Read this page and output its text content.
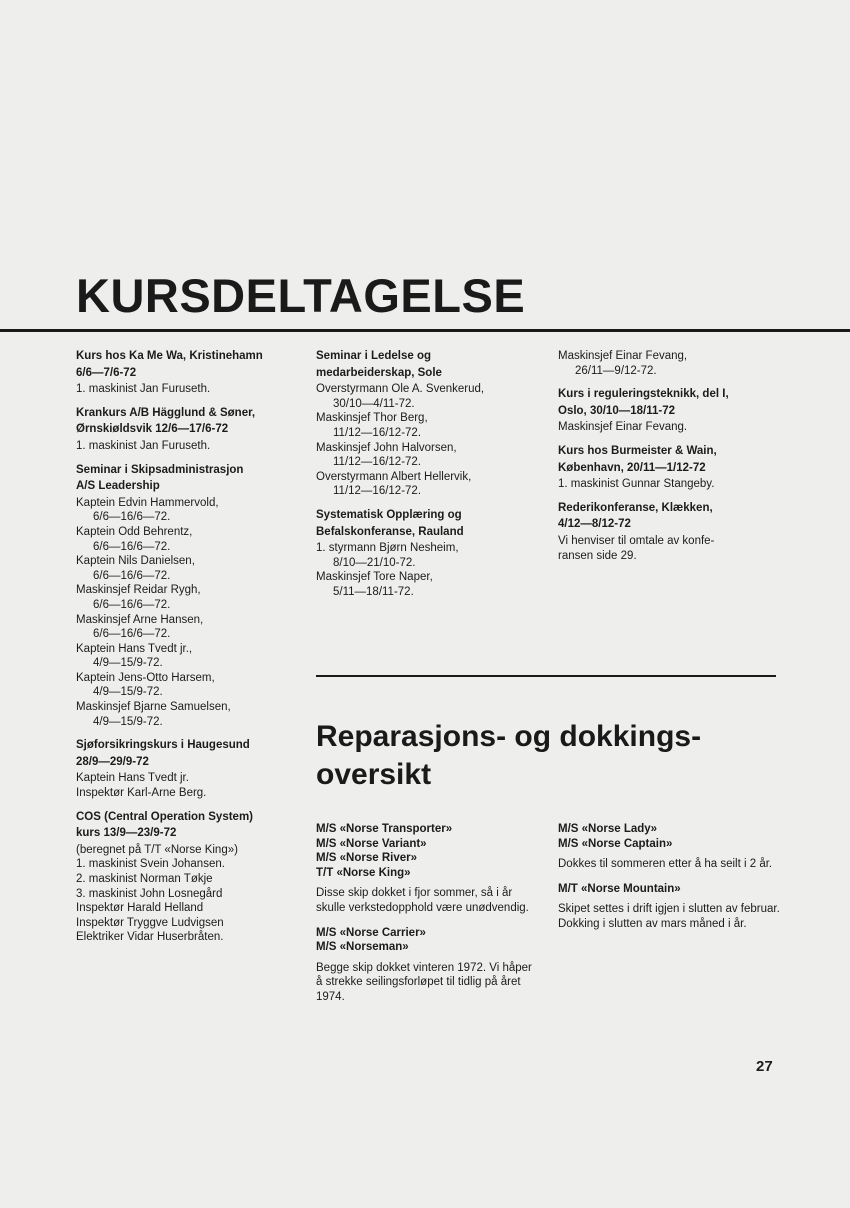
KURSDELTAGELSE
Kurs hos Ka Me Wa, Kristinehamn
6/6—7/6-72
1. maskinist Jan Furuseth.
Krankurs A/B Hägglund & Søner,
Ørnskiøldsvik 12/6—17/6-72
1. maskinist Jan Furuseth.
Seminar i Skipsadministrasjon
A/S Leadership
Kaptein Edvin Hammervold,
6/6—16/6—72.
Kaptein Odd Behrentz,
6/6—16/6—72.
Kaptein Nils Danielsen,
6/6—16/6—72.
Maskinsjef Reidar Rygh,
6/6—16/6—72.
Maskinsjef Arne Hansen,
6/6—16/6—72.
Kaptein Hans Tvedt jr.,
4/9—15/9-72.
Kaptein Jens-Otto Harsem,
4/9—15/9-72.
Maskinsjef Bjarne Samuelsen,
4/9—15/9-72.
Sjøforsikringskurs i Haugesund
28/9—29/9-72
Kaptein Hans Tvedt jr.
Inspektør Karl-Arne Berg.
COS (Central Operation System)
kurs 13/9—23/9-72
(beregnet på T/T «Norse King»)
1. maskinist Svein Johansen.
2. maskinist Norman Tøkje
3. maskinist John Losnegård
Inspektør Harald Helland
Inspektør Tryggve Ludvigsen
Elektriker Vidar Huserbråten.
Seminar i Ledelse og
medarbeiderskap, Sole
Overstyrmann Ole A. Svenkerud,
30/10—4/11-72.
Maskinsjef Thor Berg,
11/12—16/12-72.
Maskinsjef John Halvorsen,
11/12—16/12-72.
Overstyrmann Albert Hellervik,
11/12—16/12-72.
Systematisk Opplæring og
Befalskonferanse, Rauland
1. styrmann Bjørn Nesheim,
8/10—21/10-72.
Maskinsjef Tore Naper,
5/11—18/11-72.
Maskinsjef Einar Fevang,
26/11—9/12-72.
Kurs i reguleringsteknikk, del I,
Oslo, 30/10—18/11-72
Maskinsjef Einar Fevang.
Kurs hos Burmeister & Wain,
København, 20/11—1/12-72
1. maskinist Gunnar Stangeby.
Rederikonferanse, Klækken,
4/12—8/12-72
Vi henviser til omtale av konfe-
ransen side 29.
Reparasjons- og dokkings-oversikt
M/S «Norse Transporter»
M/S «Norse Variant»
M/S «Norse River»
T/T «Norse King»
Disse skip dokket i fjor sommer, så i år skulle verkstedopphold være unødvendig.
M/S «Norse Carrier»
M/S «Norseman»
Begge skip dokket vinteren 1972. Vi håper å strekke seilingsforløpet til tidlig på året 1974.
M/S «Norse Lady»
M/S «Norse Captain»
Dokkes til sommeren etter å ha seilt i 2 år.
M/T «Norse Mountain»
Skipet settes i drift igjen i slutten av februar. Dokking i slutten av mars måned i år.
27
